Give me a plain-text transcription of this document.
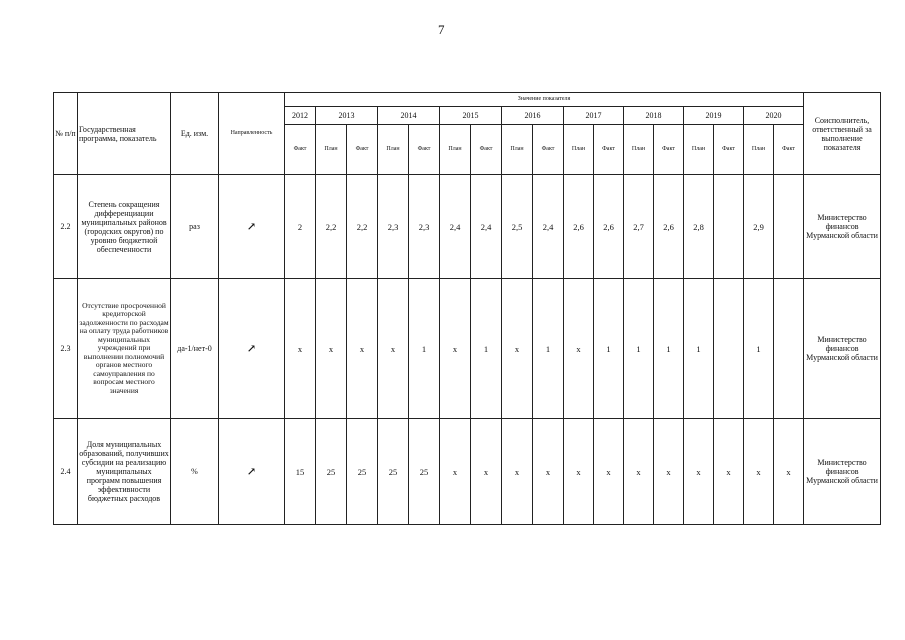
7
№ п/п	Государственная программа, показатель	Ед. изм.	Направленность	Значение показателя																	Соисполнитель, ответственный за выполнение показателя
				2012	2013		2014		2015		2016		2017		2018		2019		2020		
				Факт	План	Факт	План	Факт	План	Факт	План	Факт	План	Факт	План	Факт	План	Факт	План	Факт	
2.2	Степень сокращения дифференциации муниципальных районов (городских округов) по уровню бюджетной обеспеченности	раз	↗	2	2,2	2,2	2,3	2,3	2,4	2,4	2,5	2,4	2,6	2,6	2,7	2,6	2,8		2,9		Министерство финансов Мурманской области
2.3	Отсутствие просроченной кредиторской задолженности по расходам на оплату труда работников муниципальных учреждений при выполнении полномочий органов местного самоуправления по вопросам местного значения	да-1/нет-0	↗	x	x	x	x	1	x	1	x	1	x	1	1	1	1		1		Министерство финансов Мурманской области
2.4	Доля муниципальных образований, получивших субсидии на реализацию муниципальных программ повышения эффективности бюджетных расходов	%	↗	15	25	25	25	25	x	x	x	x	x	x	x	x	x	x	x	x	Министерство финансов Мурманской области
